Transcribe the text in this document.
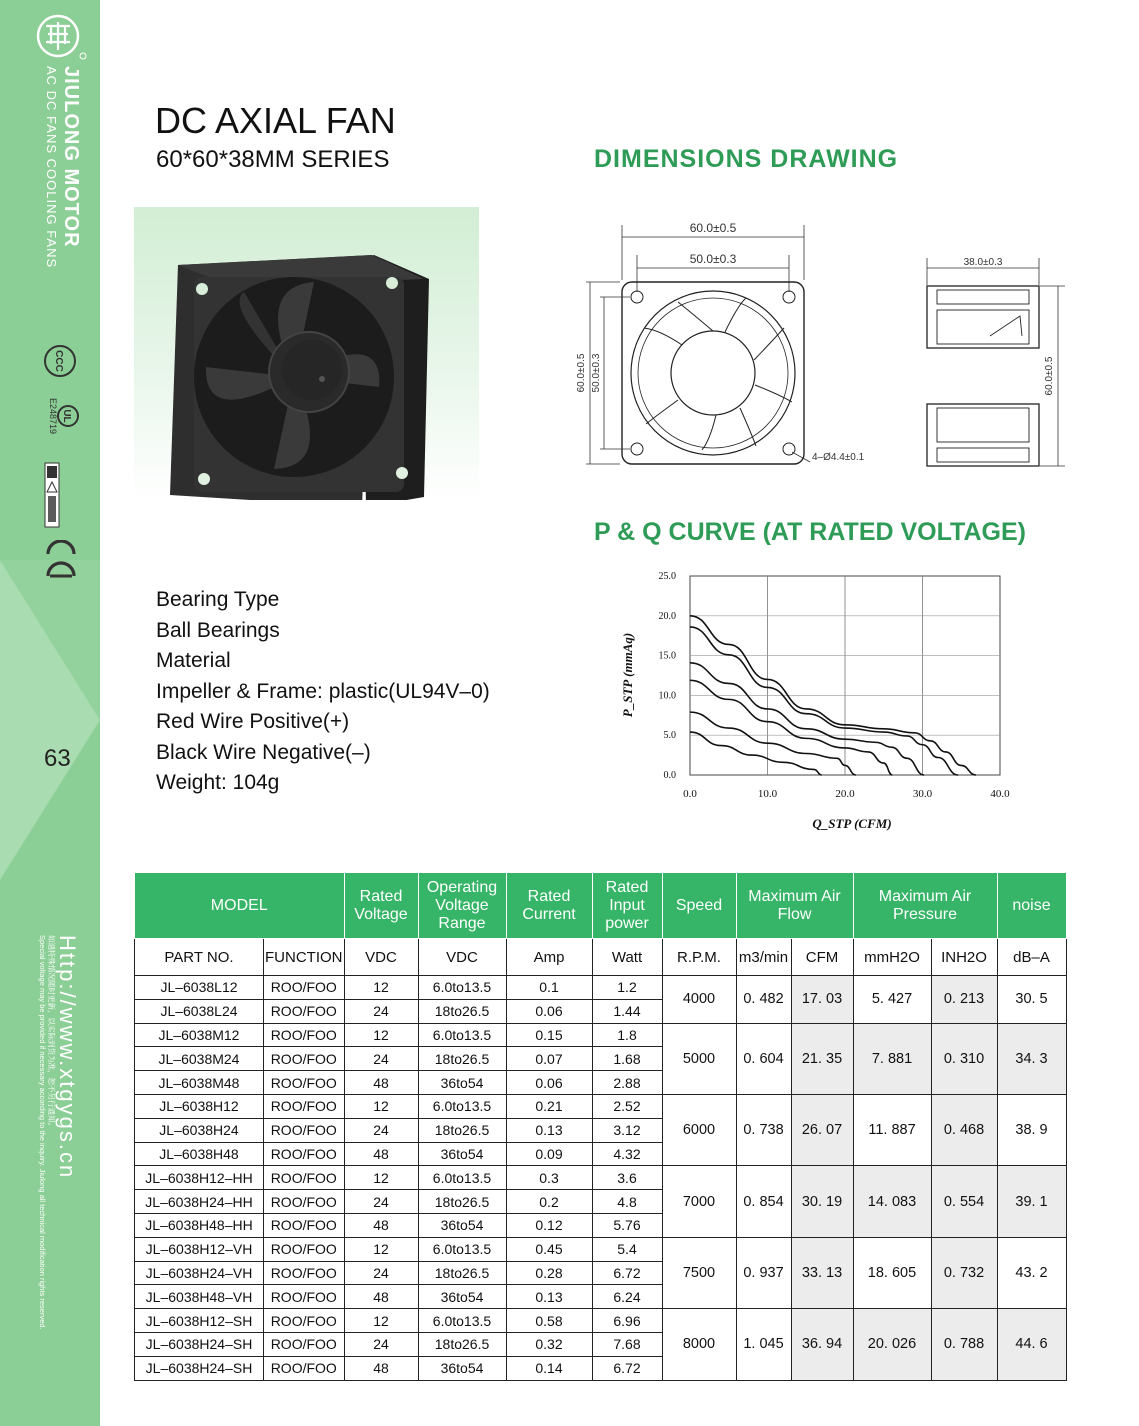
JIULONG MOTOR
AC DC FANS COOLING FANS
CCC
UL
E248719
63
Http://www.xtgygs.cn
如遇特殊情况随时更新，以实际到货为准，恕不另行通知。
Special voltage may be provided if necessary according to the inquiry. Jiulong all technical modification rights reserved.
DC AXIAL FAN
60*60*38MM SERIES
Bearing Type
Ball Bearings
Material
Impeller & Frame: plastic(UL94V‒0)
Red Wire Positive(+)
Black Wire Negative(‒)
Weight: 104g
DIMENSIONS DRAWING
60.0±0.5
50.0±0.3
60.0±0.5 50.0±0.3
4‒Ø4.4±0.1
38.0±0.3
60.0±0.5
P & Q CURVE (AT RATED VOLTAGE)
0.0	10.0	20.0	30.0	40.0
0.0
5.0
10.0
15.0
20.0
25.0
Q_STP (CFM)
P_STP (mmAq)
MODEL		Rated Voltage	Operating Voltage Range	Rated Current	Rated Input power	Speed	Maximum Air Flow		Maximum Air Pressure		noise
PART NO.	FUNCTION	VDC	VDC	Amp	Watt	R.P.M.	m3/min	CFM	mmH2O	INH2O	dB‒A
JL‒6038L12	ROO/FOO	12	6.0to13.5	0.1	1.2	4000	0. 482	17. 03	5. 427	0. 213	30. 5
JL‒6038L24	ROO/FOO	24	18to26.5	0.06	1.44						
JL‒6038M12	ROO/FOO	12	6.0to13.5	0.15	1.8	5000	0. 604	21. 35	7. 881	0. 310	34. 3
JL‒6038M24	ROO/FOO	24	18to26.5	0.07	1.68						
JL‒6038M48	ROO/FOO	48	36to54	0.06	2.88						
JL‒6038H12	ROO/FOO	12	6.0to13.5	0.21	2.52	6000	0. 738	26. 07	11. 887	0. 468	38. 9
JL‒6038H24	ROO/FOO	24	18to26.5	0.13	3.12						
JL‒6038H48	ROO/FOO	48	36to54	0.09	4.32						
JL‒6038H12‒HH	ROO/FOO	12	6.0to13.5	0.3	3.6	7000	0. 854	30. 19	14. 083	0. 554	39. 1
JL‒6038H24‒HH	ROO/FOO	24	18to26.5	0.2	4.8						
JL‒6038H48‒HH	ROO/FOO	48	36to54	0.12	5.76						
JL‒6038H12‒VH	ROO/FOO	12	6.0to13.5	0.45	5.4	7500	0. 937	33. 13	18. 605	0. 732	43. 2
JL‒6038H24‒VH	ROO/FOO	24	18to26.5	0.28	6.72						
JL‒6038H48‒VH	ROO/FOO	48	36to54	0.13	6.24						
JL‒6038H12‒SH	ROO/FOO	12	6.0to13.5	0.58	6.96	8000	1. 045	36. 94	20. 026	0. 788	44. 6
JL‒6038H24‒SH	ROO/FOO	24	18to26.5	0.32	7.68						
JL‒6038H24‒SH	ROO/FOO	48	36to54	0.14	6.72						
